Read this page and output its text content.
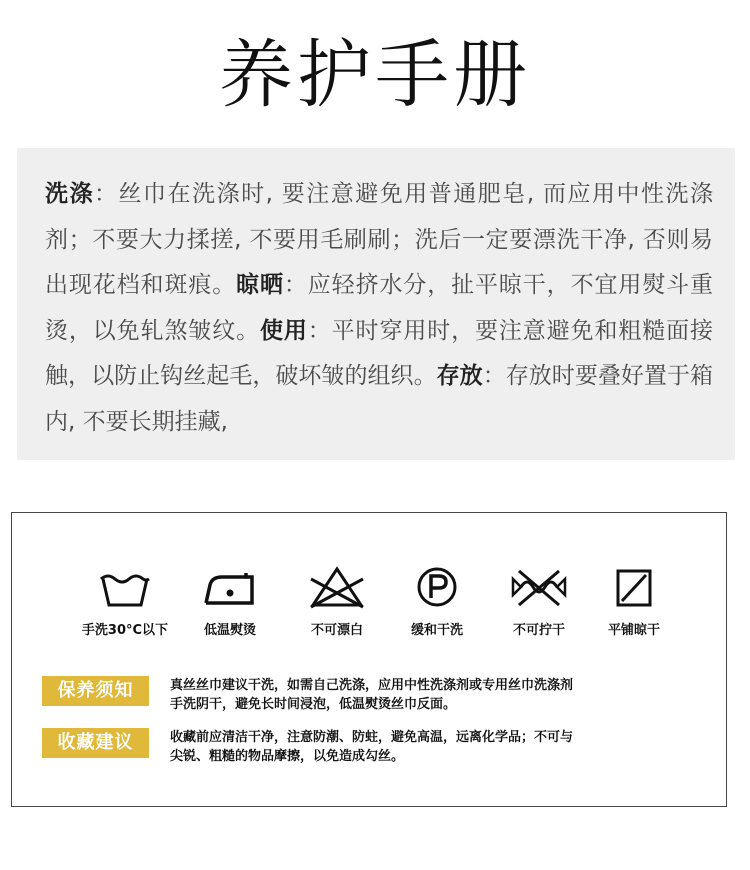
养护手册
洗涤：丝巾在洗涤时, 要注意避免用普通肥皂, 而应用中性洗涤剂；不要大力揉搓, 不要用毛刷刷；洗后一定要漂洗干净, 否则易出现花档和斑痕。晾晒：应轻挤水分，扯平晾干，不宜用熨斗重烫，以免轧煞皱纹。使用：平时穿用时，要注意避免和粗糙面接触，以防止钩丝起毛，破坏皱的组织。存放：存放时要叠好置于箱内, 不要长期挂藏,
手洗30°C以下	低温熨烫	不可漂白	缓和干洗	不可拧干	平铺晾干
保养须知	真丝丝巾建议干洗，如需自己洗涤，应用中性洗涤剂或专用丝巾洗涤剂
手洗阴干，避免长时间浸泡，低温熨烫丝巾反面。
收藏建议	收藏前应清洁干净，注意防潮、防蛀，避免高温，远离化学品；不可与
尖锐、粗糙的物品摩擦，以免造成勾丝。
